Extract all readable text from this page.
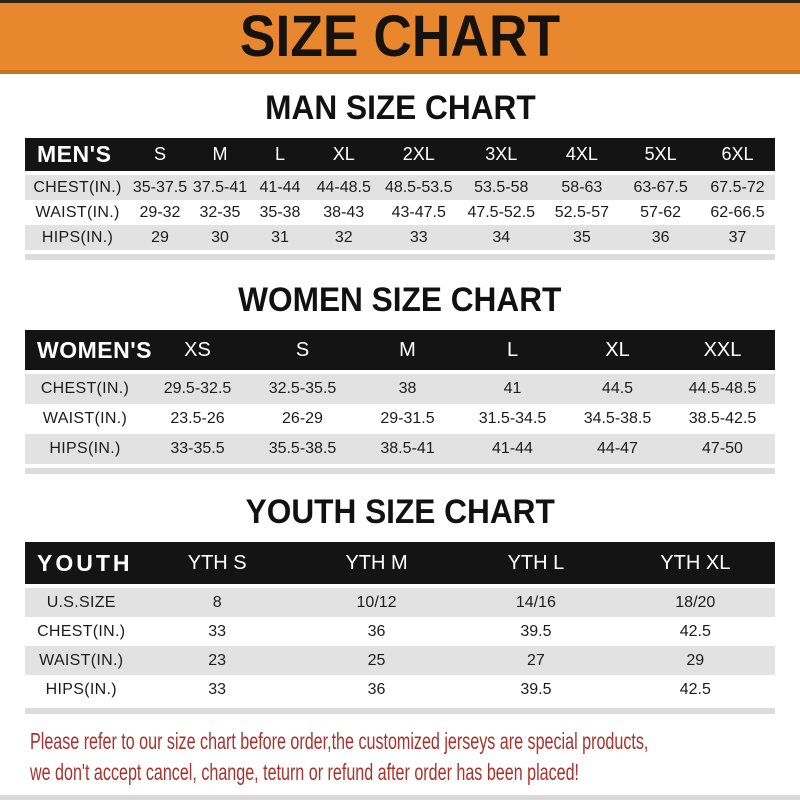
SIZE CHART
MAN SIZE CHART
MEN'S	S	M	L	XL	2XL	3XL	4XL	5XL	6XL
CHEST(IN.) 35-37.5 37.5-41 41-44	44-48.5 48.5-53.5	53.5-58	58-63	63-67.5	67.5-72
WAIST(IN.)	29-32	32-35	35-38	38-43	43-47.5	47.5-52.5	52.5-57	57-62	62-66.5
HIPS(IN.)	29	30	31	32	33	34	35	36	37
WOMEN SIZE CHART
WOMEN'S	XS	S	M	L	XL	XXL
CHEST(IN.)	29.5-32.5	32.5-35.5	38	41	44.5	44.5-48.5
WAIST(IN.)	23.5-26	26-29	29-31.5	31.5-34.5	34.5-38.5	38.5-42.5
HIPS(IN.)	33-35.5	35.5-38.5	38.5-41	41-44	44-47	47-50
YOUTH SIZE CHART
YOUTH	YTH S	YTH M	YTH L	YTH XL
U.S.SIZE	8	10/12	14/16	18/20
CHEST(IN.)	33	36	39.5	42.5
WAIST(IN.)	23	25	27	29
HIPS(IN.)	33	36	39.5	42.5
Please refer to our size chart before order,the customized jerseys are special products,
we don't accept cancel, change, teturn or refund after order has been placed!
